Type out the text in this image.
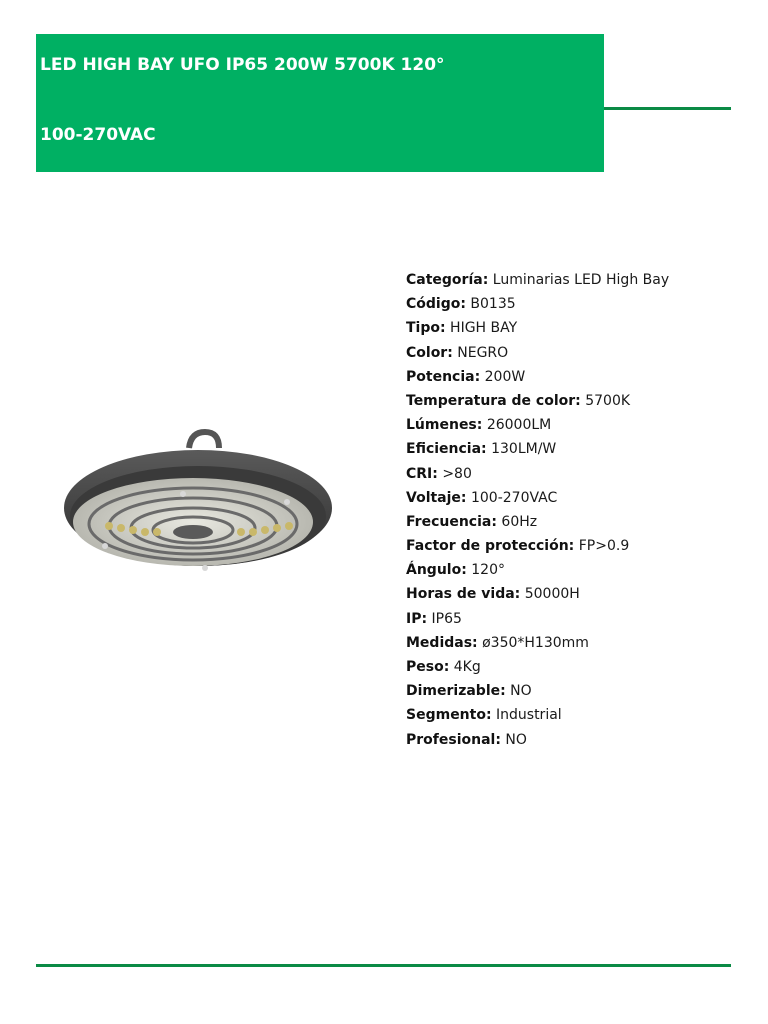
LED HIGH BAY UFO IP65 200W 5700K 120°
100-270VAC
Categoría: Luminarias LED High Bay
Código: B0135
Tipo: HIGH BAY
Color: NEGRO
Potencia: 200W
Temperatura de color: 5700K
Lúmenes: 26000LM
Eficiencia: 130LM/W
CRI: >80
Voltaje: 100-270VAC
Frecuencia: 60Hz
Factor de protección: FP>0.9
Ángulo: 120°
Horas de vida: 50000H
IP: IP65
Medidas: ø350*H130mm
Peso: 4Kg
Dimerizable: NO
Segmento: Industrial
Profesional: NO
